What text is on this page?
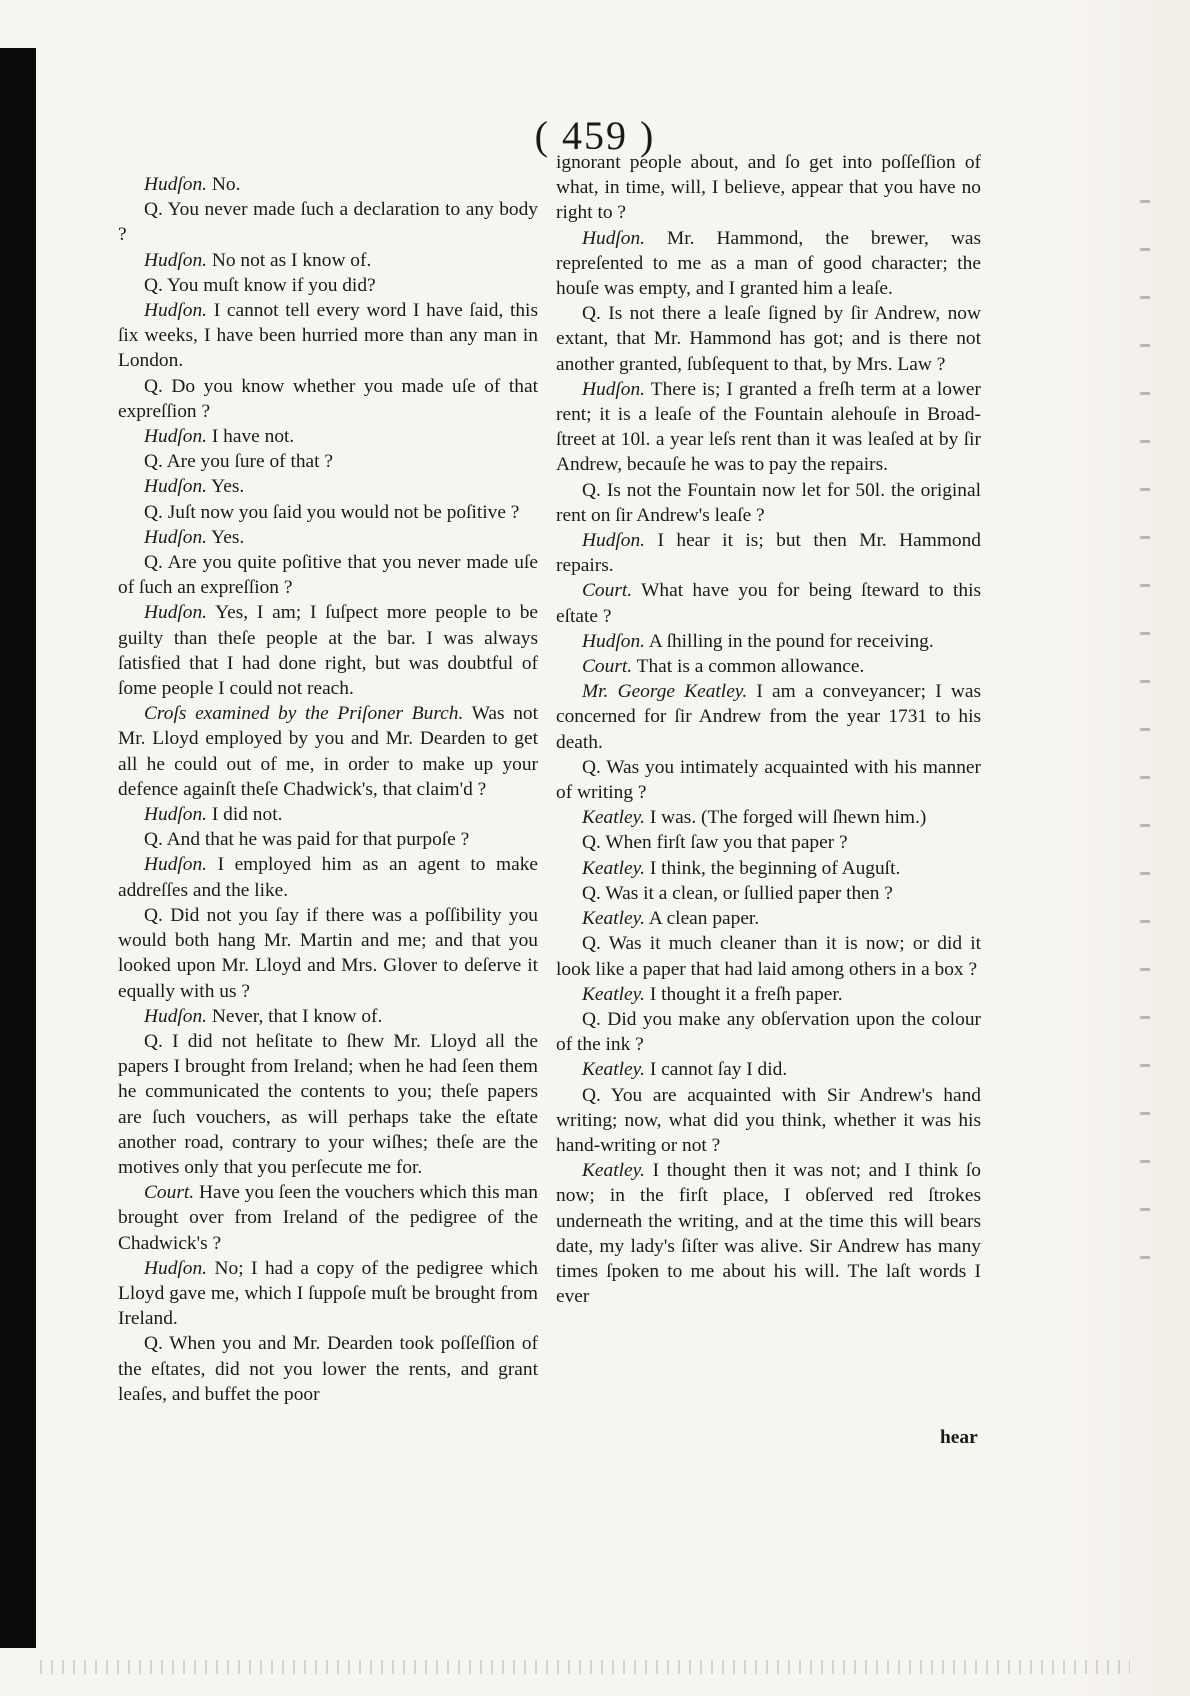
( 459 )

Hudſon. No.

Q. You never made ſuch a declaration to any body ?

Hudſon. No not as I know of.

Q. You muſt know if you did?

Hudſon. I cannot tell every word I have ſaid, this ſix weeks, I have been hurried more than any man in London.

Q. Do you know whether you made uſe of that expreſſion ?

Hudſon. I have not.

Q. Are you ſure of that ?

Hudſon. Yes.

Q. Juſt now you ſaid you would not be poſitive ?

Hudſon. Yes.

Q. Are you quite poſitive that you never made uſe of ſuch an expreſſion ?

Hudſon. Yes, I am; I ſuſpect more people to be guilty than theſe people at the bar. I was always ſatisfied that I had done right, but was doubtful of ſome people I could not reach.

Croſs examined by the Priſoner Burch. Was not Mr. Lloyd employed by you and Mr. Dearden to get all he could out of me, in order to make up your defence againſt theſe Chadwick's, that claim'd ?

Hudſon. I did not.

Q. And that he was paid for that purpoſe ?

Hudſon. I employed him as an agent to make addreſſes and the like.

Q. Did not you ſay if there was a poſſibility you would both hang Mr. Martin and me; and that you looked upon Mr. Lloyd and Mrs. Glover to deſerve it equally with us ?

Hudſon. Never, that I know of.

Q. I did not heſitate to ſhew Mr. Lloyd all the papers I brought from Ireland; when he had ſeen them he communicated the contents to you; theſe papers are ſuch vouchers, as will perhaps take the eſtate another road, contrary to your wiſhes; theſe are the motives only that you perſecute me for.

Court. Have you ſeen the vouchers which this man brought over from Ireland of the pedigree of the Chadwick's ?

Hudſon. No; I had a copy of the pedigree which Lloyd gave me, which I ſuppoſe muſt be brought from Ireland.

Q. When you and Mr. Dearden took poſſeſſion of the eſtates, did not you lower the rents, and grant leaſes, and buffet the poor

ignorant people about, and ſo get into poſſeſſion of what, in time, will, I believe, appear that you have no right to ?

Hudſon. Mr. Hammond, the brewer, was repreſented to me as a man of good character; the houſe was empty, and I granted him a leaſe.

Q. Is not there a leaſe ſigned by ſir Andrew, now extant, that Mr. Hammond has got; and is there not another granted, ſubſequent to that, by Mrs. Law ?

Hudſon. There is; I granted a freſh term at a lower rent; it is a leaſe of the Fountain alehouſe in Broad-ſtreet at 10l. a year leſs rent than it was leaſed at by ſir Andrew, becauſe he was to pay the repairs.

Q. Is not the Fountain now let for 50l. the original rent on ſir Andrew's leaſe ?

Hudſon. I hear it is; but then Mr. Hammond repairs.

Court. What have you for being ſteward to this eſtate ?

Hudſon. A ſhilling in the pound for receiving.

Court. That is a common allowance.

Mr. George Keatley. I am a conveyancer; I was concerned for ſir Andrew from the year 1731 to his death.

Q. Was you intimately acquainted with his manner of writing ?

Keatley. I was. (The forged will ſhewn him.)

Q. When firſt ſaw you that paper ?

Keatley. I think, the beginning of Auguſt.

Q. Was it a clean, or ſullied paper then ?

Keatley. A clean paper.

Q. Was it much cleaner than it is now; or did it look like a paper that had laid among others in a box ?

Keatley. I thought it a freſh paper.

Q. Did you make any obſervation upon the colour of the ink ?

Keatley. I cannot ſay I did.

Q. You are acquainted with Sir Andrew's hand writing; now, what did you think, whether it was his hand-writing or not ?

Keatley. I thought then it was not; and I think ſo now; in the firſt place, I obſerved red ſtrokes underneath the writing, and at the time this will bears date, my lady's ſiſter was alive. Sir Andrew has many times ſpoken to me about his will. The laſt words I ever

hear
